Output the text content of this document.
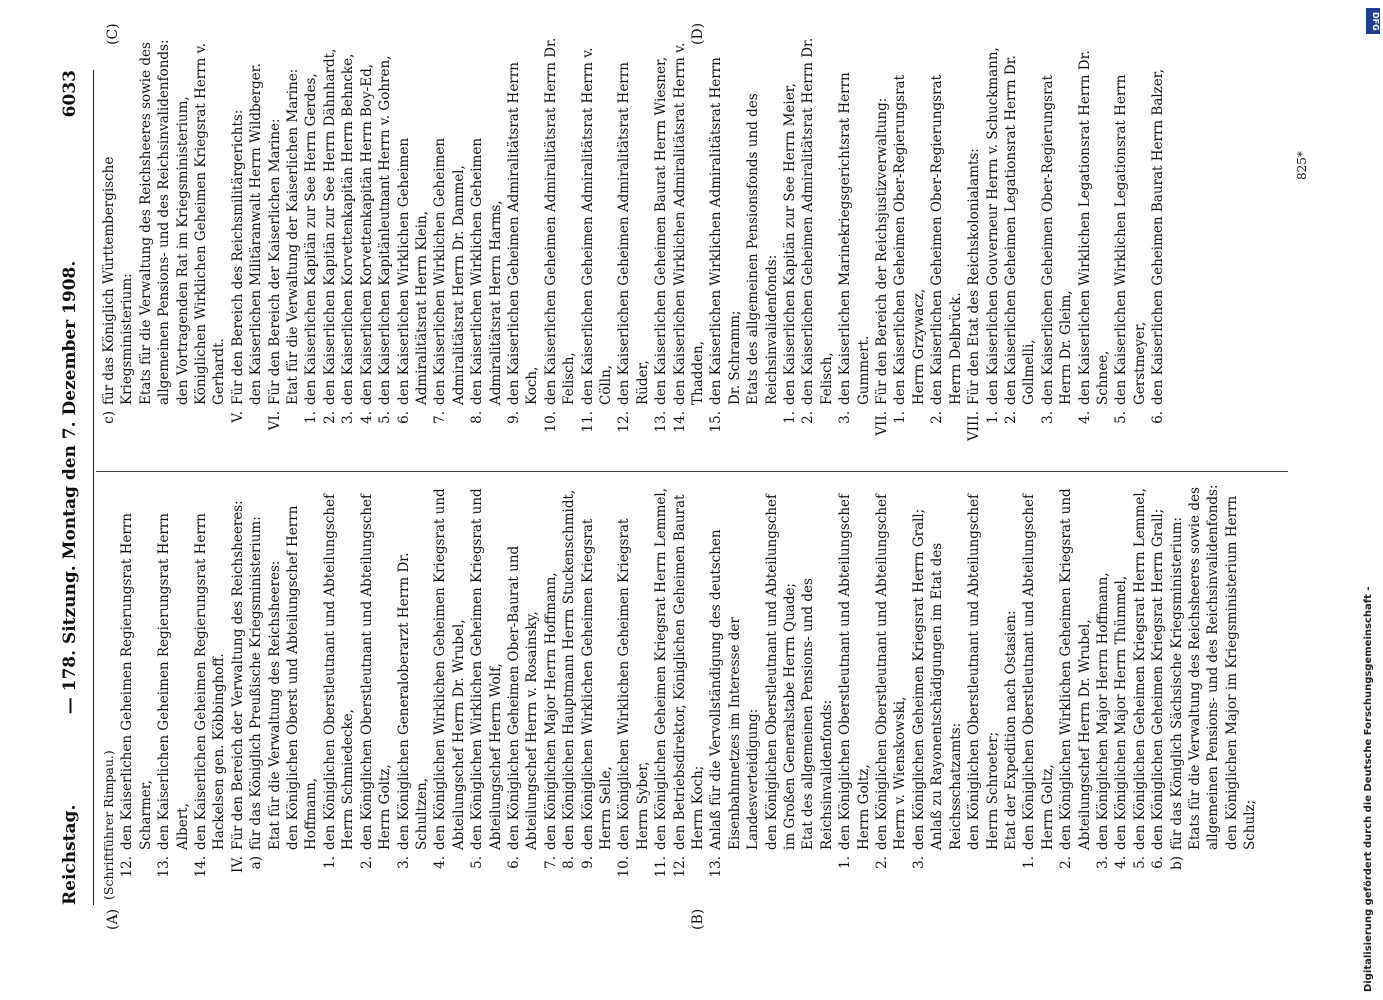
Reichstag.
— 178. Sitzung. Montag den 7. Dezember 1908.
6033
(A)	(B)
(C)	(D)

(Schriftführer Rimpau.) 12.
den Kaiserlichen Geheimen Regierungsrat Herrn Scharmer,
13.
den Kaiserlichen Geheimen Regierungsrat Herrn Albert,
14.
den Kaiserlichen Geheimen Regierungsrat Herrn Hackelsen gen. Köbbinghoff.
IV.
Für den Bereich der Verwaltung des Reichsheeres:
a)
für das Königlich Preußische Kriegsministerium: Etat für die Verwaltung des Reichsheeres: den Königlichen Oberst und Abteilungschef Herrn Hoffmann,
1.
den Königlichen Oberstleutnant und Abteilungschef Herrn Schmiedecke,
2.
den Königlichen Oberstleutnant und Abteilungschef Herrn Goltz,
3.
den Königlichen Generaloberarzt Herrn Dr. Schultzen,
4.
den Königlichen Wirklichen Geheimen Kriegsrat und Abteilungschef Herrn Dr. Wrubel,
5.
den Königlichen Wirklichen Geheimen Kriegsrat und Abteilungschef Herrn Wolf,
6.
den Königlichen Geheimen Ober-Baurat und Abteilungschef Herrn v. Rosainsky,
7.
den Königlichen Major Herrn Hoffmann,
8.
den Königlichen Hauptmann Herrn Stuckenschmidt,
9.
den Königlichen Wirklichen Geheimen Kriegsrat Herrn Selle,
10.
den Königlichen Wirklichen Geheimen Kriegsrat Herrn Syber,
11.
den Königlichen Geheimen Kriegsrat Herrn Lemmel,
12.
den Betriebsdirektor, Königlichen Geheimen Baurat Herrn Koch;
13.
Anlaß für die Vervollständigung des deutschen Eisenbahnnetzes im Interesse der Landesverteidigung: den Königlichen Oberstleutnant und Abteilungschef im Großen Generalstabe Herrn Quade; Etat des allgemeinen Pensions- und des Reichsinvalidenfonds:
1.
den Königlichen Oberstleutnant und Abteilungschef Herrn Goltz,
2.
den Königlichen Oberstleutnant und Abteilungschef Herrn v. Wienskowski,
3.
den Königlichen Geheimen Kriegsrat Herrn Grall; Anlaß zu Rayonentschädigungen im Etat des Reichsschatzamts: den Königlichen Oberstleutnant und Abteilungschef Herrn Schroeter; Etat der Expedition nach Ostasien:
1.
den Königlichen Oberstleutnant und Abteilungschef Herrn Goltz,
2.
den Königlichen Wirklichen Geheimen Kriegsrat und Abteilungschef Herrn Dr. Wrubel,
3.
den Königlichen Major Herrn Hoffmann,
4.
den Königlichen Major Herrn Thümmel,
5.
den Königlichen Geheimen Kriegsrat Herrn Lemmel,
6.
den Königlichen Geheimen Kriegsrat Herrn Grall;
b)
für das Königlich Sächsische Kriegsministerium: Etats für die Verwaltung des Reichsheeres sowie des allgemeinen Pensions- und des Reichsinvalidenfonds: den Königlichen Major im Kriegsministerium Herrn Schulz;
c)
für das Königlich Württembergische Kriegsministerium: Etats für die Verwaltung des Reichsheeres sowie des allgemeinen Pensions- und des Reichsinvalidenfonds: den Vortragenden Rat im Kriegsministerium, Königlichen Wirklichen Geheimen Kriegsrat Herrn v. Gerhardt.
V.
Für den Bereich des Reichsmilitärgerichts: den Kaiserlichen Militäranwalt Herrn Wildberger.
VI.
Für den Bereich der Kaiserlichen Marine: Etat für die Verwaltung der Kaiserlichen Marine:
1.
den Kaiserlichen Kapitän zur See Herrn Gerdes,
2.
den Kaiserlichen Kapitän zur See Herrn Dähnhardt,
3.
den Kaiserlichen Korvettenkapitän Herrn Behncke,
4.
den Kaiserlichen Korvettenkapitän Herrn Boy-Ed,
5.
den Kaiserlichen Kapitänleutnant Herrn v. Gohren,
6.
den Kaiserlichen Wirklichen Geheimen Admiralitätsrat Herrn Klein,
7.
den Kaiserlichen Wirklichen Geheimen Admiralitätsrat Herrn Dr. Dammel,
8.
den Kaiserlichen Wirklichen Geheimen Admiralitätsrat Herrn Harms,
9.
den Kaiserlichen Geheimen Admiralitätsrat Herrn Koch,
10.
den Kaiserlichen Geheimen Admiralitätsrat Herrn Dr. Felisch,
11.
den Kaiserlichen Geheimen Admiralitätsrat Herrn v. Cölln,
12.
den Kaiserlichen Geheimen Admiralitätsrat Herrn Rüder,
13.
den Kaiserlichen Geheimen Baurat Herrn Wiesner,
14.
den Kaiserlichen Wirklichen Admiralitätsrat Herrn v. Thadden,
15.
den Kaiserlichen Wirklichen Admiralitätsrat Herrn Dr. Schramm; Etats des allgemeinen Pensionsfonds und des Reichsinvalidenfonds:
1.
den Kaiserlichen Kapitän zur See Herrn Meier,
2.
den Kaiserlichen Geheimen Admiralitätsrat Herrn Dr. Felisch,
3.
den Kaiserlichen Marinekriegsgerichtsrat Herrn Gummert.
VII.
Für den Bereich der Reichsjustizverwaltung:
1.
den Kaiserlichen Geheimen Ober-Regierungsrat Herrn Grzywacz,
2.
den Kaiserlichen Geheimen Ober-Regierungsrat Herrn Delbrück.
VIII.
Für den Etat des Reichskolonialamts:
1.
den Kaiserlichen Gouverneur Herrn v. Schuckmann,
2.
den Kaiserlichen Geheimen Legationsrat Herrn Dr. Gollmelli,
3.
den Kaiserlichen Geheimen Ober-Regierungsrat Herrn Dr. Gleim,
4.
den Kaiserlichen Wirklichen Legationsrat Herrn Dr. Schnee,
5.
den Kaiserlichen Wirklichen Legationsrat Herrn Gerstmeyer,
6.
den Kaiserlichen Geheimen Baurat Herrn Balzer,	825*
Digitalisierung gefördert durch die Deutsche Forschungsgemeinschaft -
DFG
